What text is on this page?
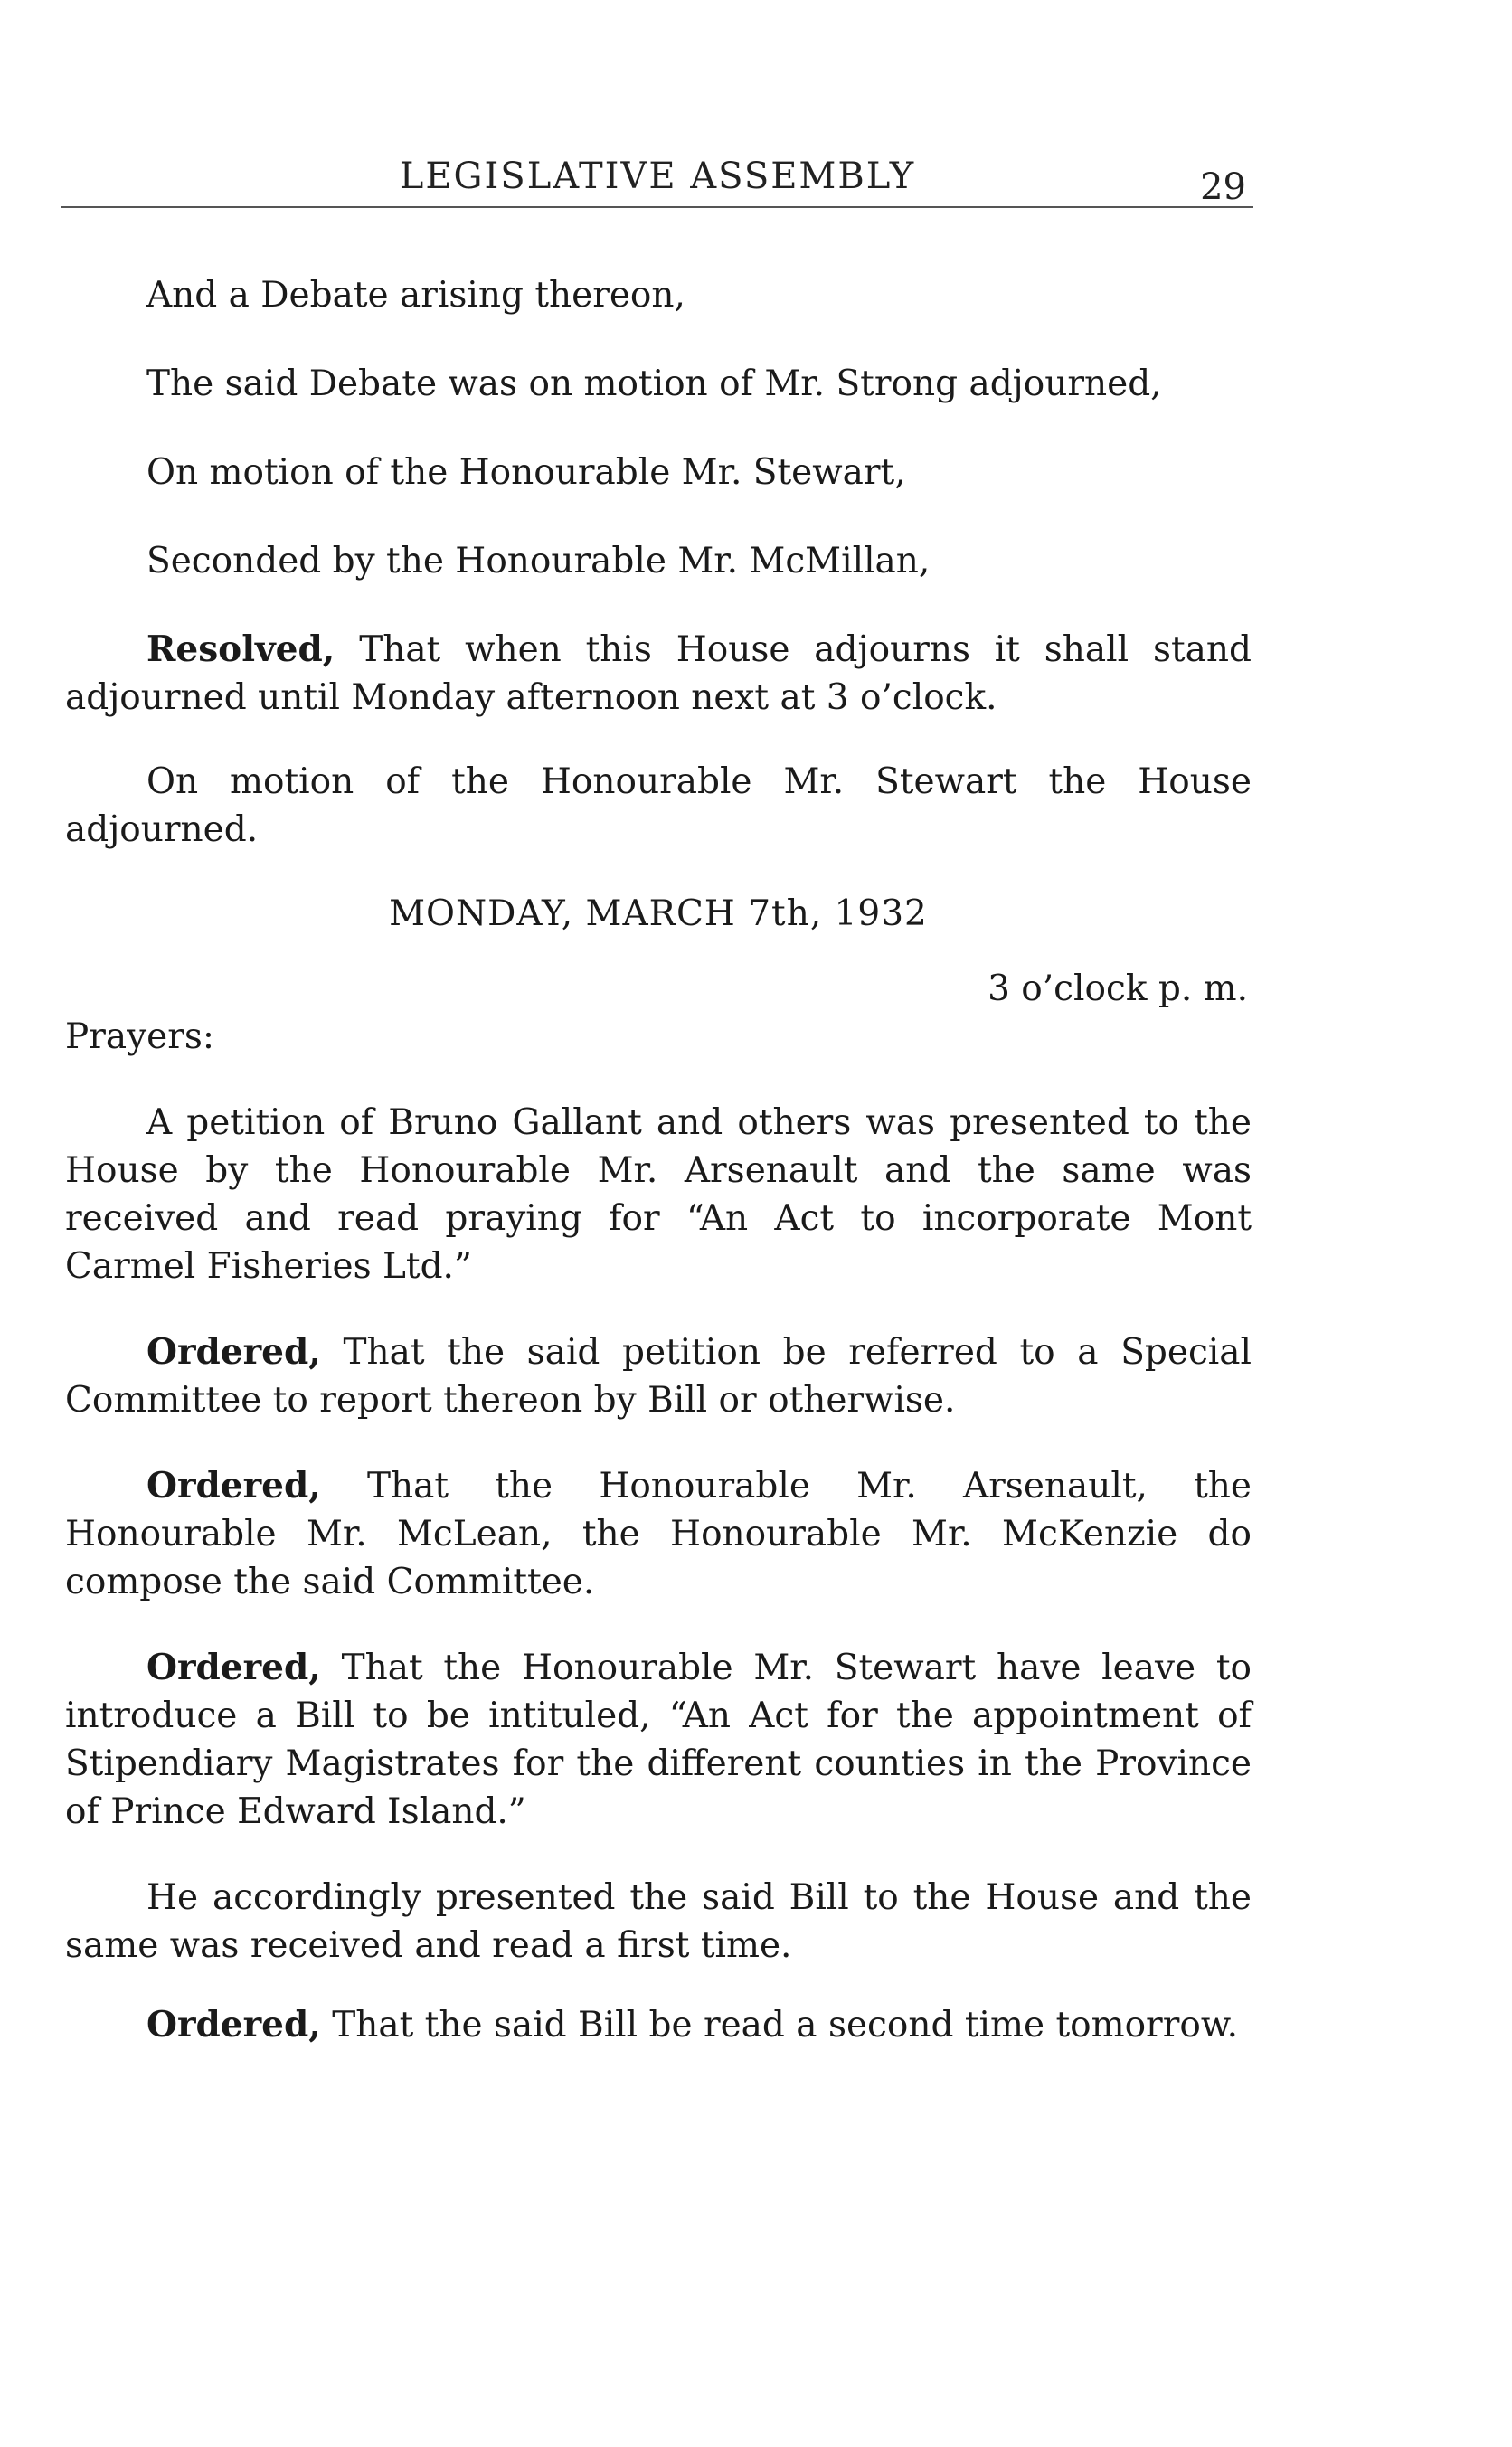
LEGISLATIVE ASSEMBLY	29

And a Debate arising thereon,

The said Debate was on motion of Mr. Strong adjourned,

On motion of the Honourable Mr. Stewart,

Seconded by the Honourable Mr. McMillan,

Resolved, That when this House adjourns it shall stand adjourned until Monday afternoon next at 3 o’clock.

On motion of the Honourable Mr. Stewart the House adjourned.

MONDAY, MARCH 7th, 1932

3 o’clock p. m.

Prayers:

A petition of Bruno Gallant and others was presented to the House by the Honourable Mr. Arsenault and the same was received and read praying for “An Act to incorporate Mont Carmel Fisheries Ltd.”

Ordered, That the said petition be referred to a Special Committee to report thereon by Bill or otherwise.

Ordered, That the Honourable Mr. Arsenault, the Honourable Mr. McLean, the Honourable Mr. McKenzie do compose the said Committee.

Ordered, That the Honourable Mr. Stewart have leave to introduce a Bill to be intituled, “An Act for the appointment of Stipendiary Magistrates for the different counties in the Province of Prince Edward Island.”

He accordingly presented the said Bill to the House and the same was received and read a first time.

Ordered, That the said Bill be read a second time tomorrow.
